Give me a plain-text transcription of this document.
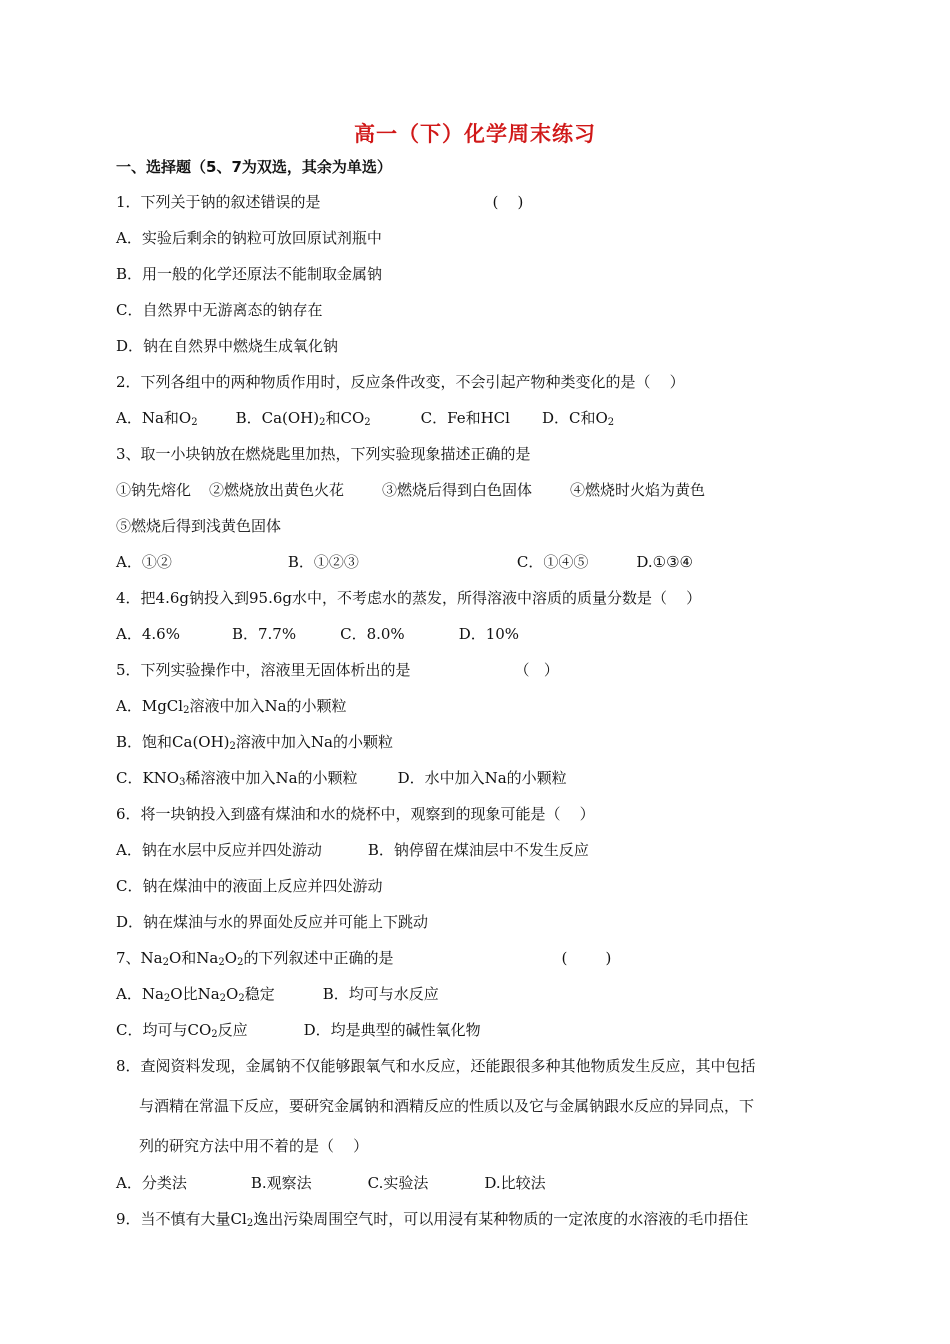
高一（下）化学周末练习
一、选择题（5、7为双选，其余为单选）
1．下列关于钠的叙述错误的是	(    )
A．实验后剩余的钠粒可放回原试剂瓶中
B．用一般的化学还原法不能制取金属钠
C．自然界中无游离态的钠存在
D．钠在自然界中燃烧生成氧化钠
2．下列各组中的两种物质作用时，反应条件改变，不会引起产物种类变化的是（    ）
A．Na和$O_2$	B．$Ca(OH)_2$和$CO_2$	C．Fe和HCl D．C和$O_2$
3、取一小块钠放在燃烧匙里加热，下列实验现象描述正确的是
①钠先熔化 ②燃烧放出黄色火花	③燃烧后得到白色固体	④燃烧时火焰为黄色
⑤燃烧后得到浅黄色固体
A．①②	B．①②③	C．①④⑤	D.①③④
4．把4.6g钠投入到95.6g水中，不考虑水的蒸发，所得溶液中溶质的质量分数是（    ）
A．4.6%	B．7.7%	C．8.0%	D．10%
5．下列实验操作中，溶液里无固体析出的是	（   ）
A．MgCl$_2$溶液中加入Na的小颗粒
B．饱和$Ca(OH)_2$溶液中加入Na的小颗粒
C．$KNO_3$稀溶液中加入Na的小颗粒	D．水中加入Na的小颗粒
6．将一块钠投入到盛有煤油和水的烧杯中，观察到的现象可能是（    ）
A．钠在水层中反应并四处游动	B．钠停留在煤油层中不发生反应
C．钠在煤油中的液面上反应并四处游动
D．钠在煤油与水的界面处反应并可能上下跳动
7、$Na_2O$和$Na_2O_2$的下列叙述中正确的是	(        )
A．$Na_2O$比$Na_2O_2$稳定	B．均可与水反应
C．均可与$CO_2$反应	D．均是典型的碱性氧化物
8．查阅资料发现，金属钠不仅能够跟氧气和水反应，还能跟很多种其他物质发生反应，其中包括
与酒精在常温下反应，要研究金属钠和酒精反应的性质以及它与金属钠跟水反应的异同点，下
列的研究方法中用不着的是（    ）
A．分类法	B.观察法	C.实验法	D.比较法
9．当不慎有大量$Cl_2$逸出污染周围空气时，可以用浸有某种物质的一定浓度的水溶液的毛巾捂住
